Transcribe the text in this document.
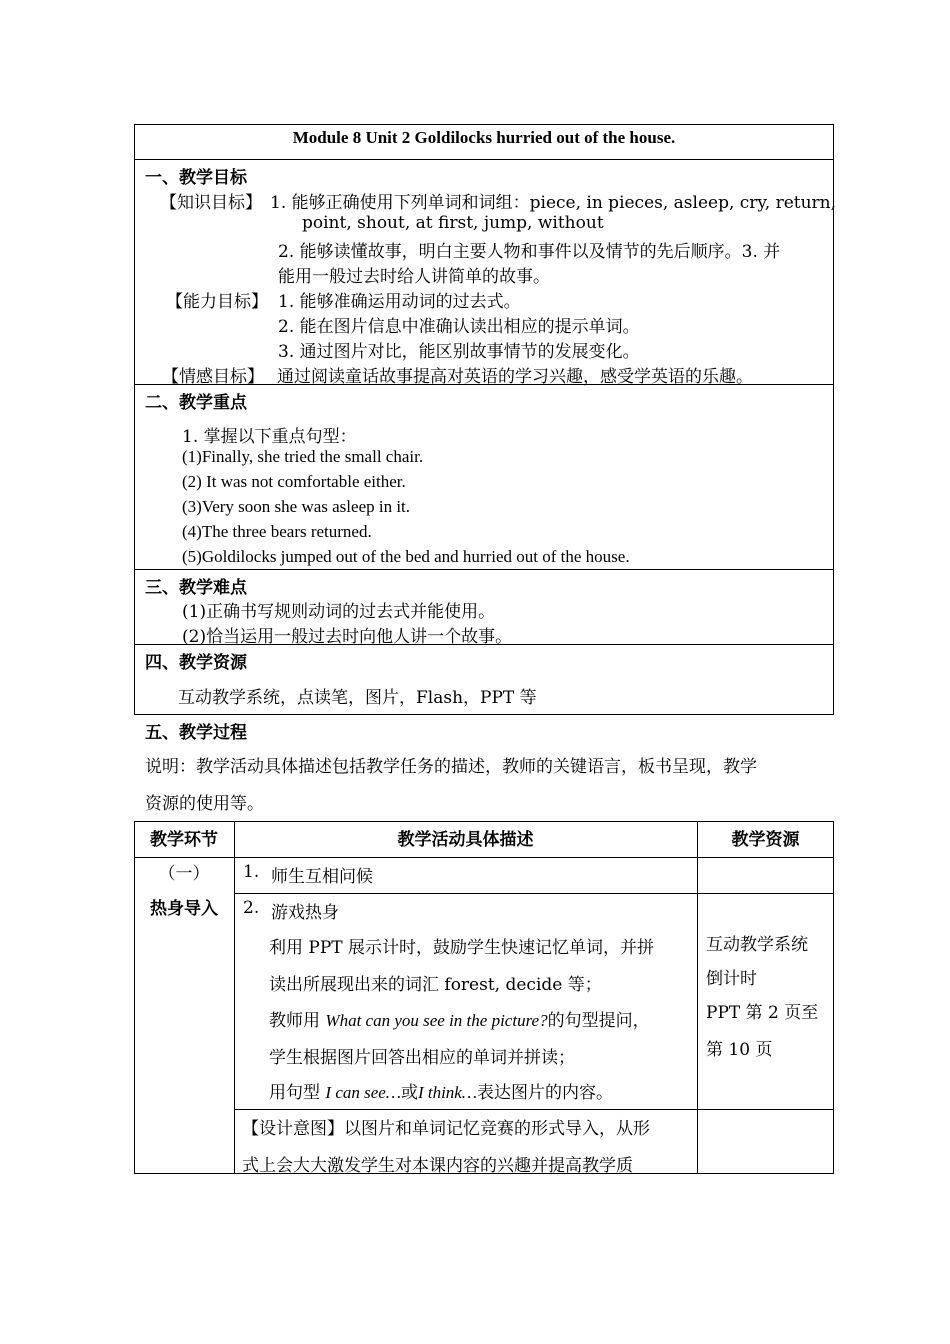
Module 8 Unit 2 Goldilocks hurried out of the house.
一、教学目标
【知识目标】 1. 能够正确使用下列单词和词组：piece, in pieces, asleep, cry, return,
point, shout, at first, jump, without
2. 能够读懂故事，明白主要人物和事件以及情节的先后顺序。3. 并
能用一般过去时给人讲简单的故事。
【能力目标】 1. 能够准确运用动词的过去式。
2. 能在图片信息中准确认读出相应的提示单词。
3. 通过图片对比，能区别故事情节的发展变化。
【情感目标】 通过阅读童话故事提高对英语的学习兴趣，感受学英语的乐趣。
二、教学重点
1. 掌握以下重点句型：
(1)Finally, she tried the small chair.
(2) It was not comfortable either.
(3)Very soon she was asleep in it.
(4)The three bears returned.
(5)Goldilocks jumped out of the bed and hurried out of the house.
三、教学难点
(1)正确书写规则动词的过去式并能使用。
(2)恰当运用一般过去时向他人讲一个故事。
四、教学资源
互动教学系统，点读笔，图片，Flash，PPT 等
五、教学过程
说明：教学活动具体描述包括教学任务的描述，教师的关键语言，板书呈现，教学
资源的使用等。
教学环节	教学活动具体描述	教学资源
（一）
热身导入
1. 师生互相问候
2. 游戏热身
利用 PPT 展示计时，鼓励学生快速记忆单词，并拼
读出所展现出来的词汇 forest, decide 等；
教师用 What can you see in the picture?的句型提问，
学生根据图片回答出相应的单词并拼读；
用句型 I can see…或I think…表达图片的内容。
互动教学系统
倒计时
PPT 第 2 页至
第 10 页
【设计意图】以图片和单词记忆竞赛的形式导入，从形
式上会大大激发学生对本课内容的兴趣并提高教学质
